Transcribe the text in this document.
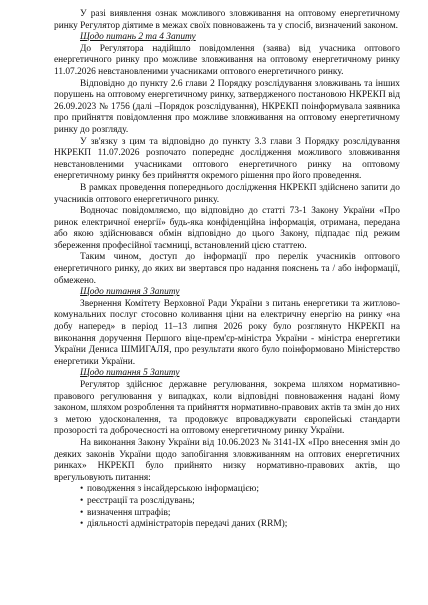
У разі виявлення ознак можливого зловживання на оптовому енергетичному ринку Регулятор діятиме в межах своїх повноважень та у спосіб, визначений законом.

Щодо питань 2 та 4 Запиту

До Регулятора надійшло повідомлення (заява) від учасника оптового енергетичного ринку про можливе зловживання на оптовому енергетичному ринку 11.07.2026 невстановленими учасниками оптового енергетичного ринку.

Відповідно до пункту 2.6 глави 2 Порядку розслідування зловживань та інших порушень на оптовому енергетичному ринку, затвердженого постановою НКРЕКП від 26.09.2023 № 1756 (далі –Порядок розслідування), НКРЕКП поінформувала заявника про прийняття повідомлення про можливе зловживання на оптовому енергетичному ринку до розгляду.

У зв'язку з цим та відповідно до пункту 3.3 глави 3 Порядку розслідування НКРЕКП 11.07.2026 розпочато попереднє дослідження можливого зловживання невстановленими учасниками оптового енергетичного ринку на оптовому енергетичному ринку без прийняття окремого рішення про його проведення.

В рамках проведення попереднього дослідження НКРЕКП здійснено запити до учасників оптового енергетичного ринку.

Водночас повідомляємо, що відповідно до статті 73-1 Закону України «Про ринок електричної енергії» будь-яка конфіденційна інформація, отримана, передана або якою здійснювався обмін відповідно до цього Закону, підпадає під режим збереження професійної таємниці, встановлений цією статтею.

Таким чином, доступ до інформації про перелік учасників оптового енергетичного ринку, до яких ви звертався про надання пояснень та / або інформації, обмежено.

Щодо питання 3 Запиту

Звернення Комітету Верховної Ради України з питань енергетики та житлово-комунальних послуг стосовно коливання ціни на електричну енергію на ринку «на добу наперед» в період 11–13 липня 2026 року було розглянуто НКРЕКП на виконання доручення Першого віце-прем'єр-міністра України - міністра енергетики України Дениса ШМИГАЛЯ, про результати якого було поінформовано Міністерство енергетики України.

Щодо питання 5 Запиту

Регулятор здійснює державне регулювання, зокрема шляхом нормативно-правового регулювання у випадках, коли відповідні повноваження надані йому законом, шляхом розроблення та прийняття нормативно-правових актів та змін до них з метою удосконалення, та продовжує впроваджувати європейські стандарти прозорості та доброчесності на оптовому енергетичному ринку України.

На виконання Закону України від 10.06.2023 № 3141-IX «Про внесення змін до деяких законів України щодо запобігання зловживанням на оптових енергетичних ринках» НКРЕКП було прийнято низку нормативно-правових актів, що врегульовують питання:

• поводження з інсайдерською інформацією;
• реєстрації та розслідувань;
• визначення штрафів;
• діяльності адміністраторів передачі даних (RRM);
